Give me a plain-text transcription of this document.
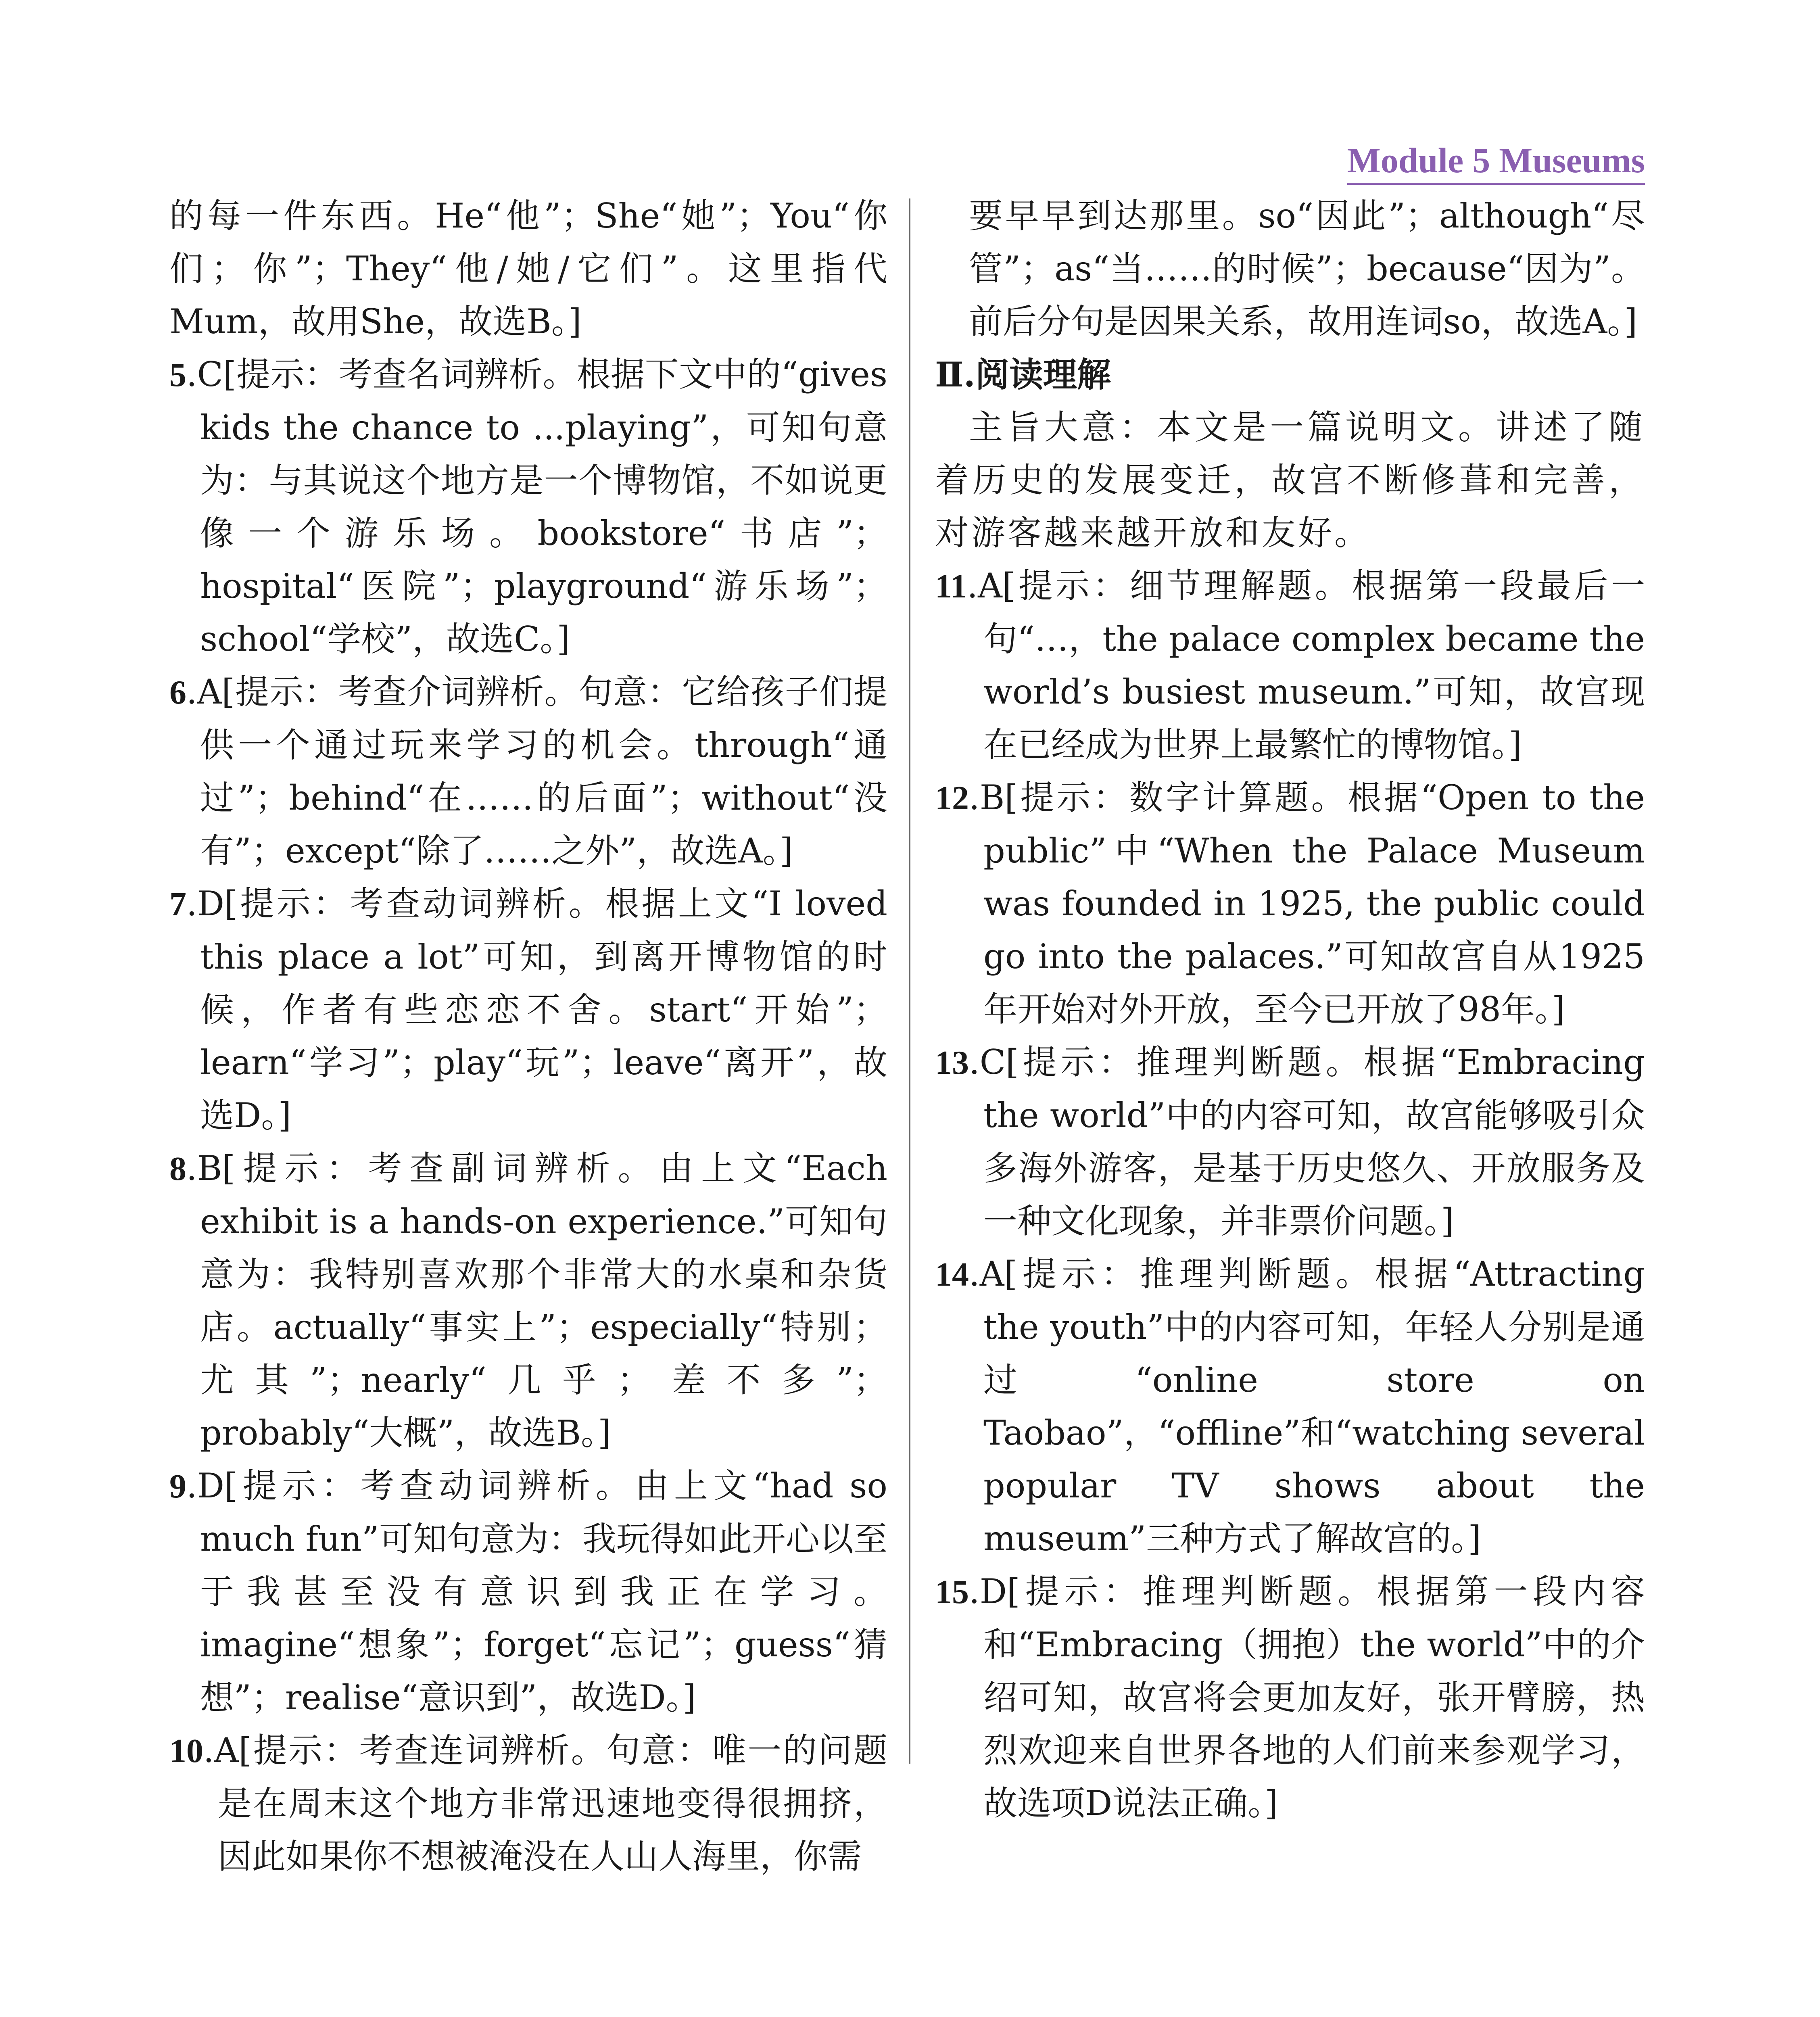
Module 5 Museums

的每一件东西。He“他”；She“她”；You“你们；你”；They“他/她/它们”。这里指代Mum，故用She，故选B。]

5.C[提示：考查名词辨析。根据下文中的“gives kids the chance to ...playing”，可知句意为：与其说这个地方是一个博物馆，不如说更像一个游乐场。bookstore“书店”；hospital“医院”；playground“游乐场”；school“学校”，故选C。]

6.A[提示：考查介词辨析。句意：它给孩子们提供一个通过玩来学习的机会。through“通过”；behind“在……的后面”；without“没有”；except“除了……之外”，故选A。]

7.D[提示：考查动词辨析。根据上文“I loved this place a lot”可知，到离开博物馆的时候，作者有些恋恋不舍。start“开始”；learn“学习”；play“玩”；leave“离开”，故选D。]

8.B[提示：考查副词辨析。由上文“Each exhibit is a hands-on experience.”可知句意为：我特别喜欢那个非常大的水桌和杂货店。actually“事实上”；especially“特别；尤其”；nearly“几乎；差不多”；probably“大概”，故选B。]

9.D[提示：考查动词辨析。由上文“had so much fun”可知句意为：我玩得如此开心以至于我甚至没有意识到我正在学习。imagine“想象”；forget“忘记”；guess“猜想”；realise“意识到”，故选D。]

10.A[提示：考查连词辨析。句意：唯一的问题是在周末这个地方非常迅速地变得很拥挤，因此如果你不想被淹没在人山人海里，你需

要早早到达那里。so“因此”；although“尽管”；as“当……的时候”；because“因为”。前后分句是因果关系，故用连词so，故选A。]

Ⅱ.阅读理解

主旨大意：本文是一篇说明文。讲述了随着历史的发展变迁，故宫不断修葺和完善，对游客越来越开放和友好。

11.A[提示：细节理解题。根据第一段最后一句“…，the palace complex became the world’s busiest museum.”可知，故宫现在已经成为世界上最繁忙的博物馆。]

12.B[提示：数字计算题。根据“Open to the public”中“When the Palace Museum was founded in 1925, the public could go into the palaces.”可知故宫自从1925年开始对外开放，至今已开放了98年。]

13.C[提示：推理判断题。根据“Embracing the world”中的内容可知，故宫能够吸引众多海外游客，是基于历史悠久、开放服务及一种文化现象，并非票价问题。]

14.A[提示：推理判断题。根据“Attracting the youth”中的内容可知，年轻人分别是通过“online store on Taobao”，“offline”和“watching several popular TV shows about the museum”三种方式了解故宫的。]

15.D[提示：推理判断题。根据第一段内容和“Embracing（拥抱）the world”中的介绍可知，故宫将会更加友好，张开臂膀，热烈欢迎来自世界各地的人们前来参观学习，故选项D说法正确。]
